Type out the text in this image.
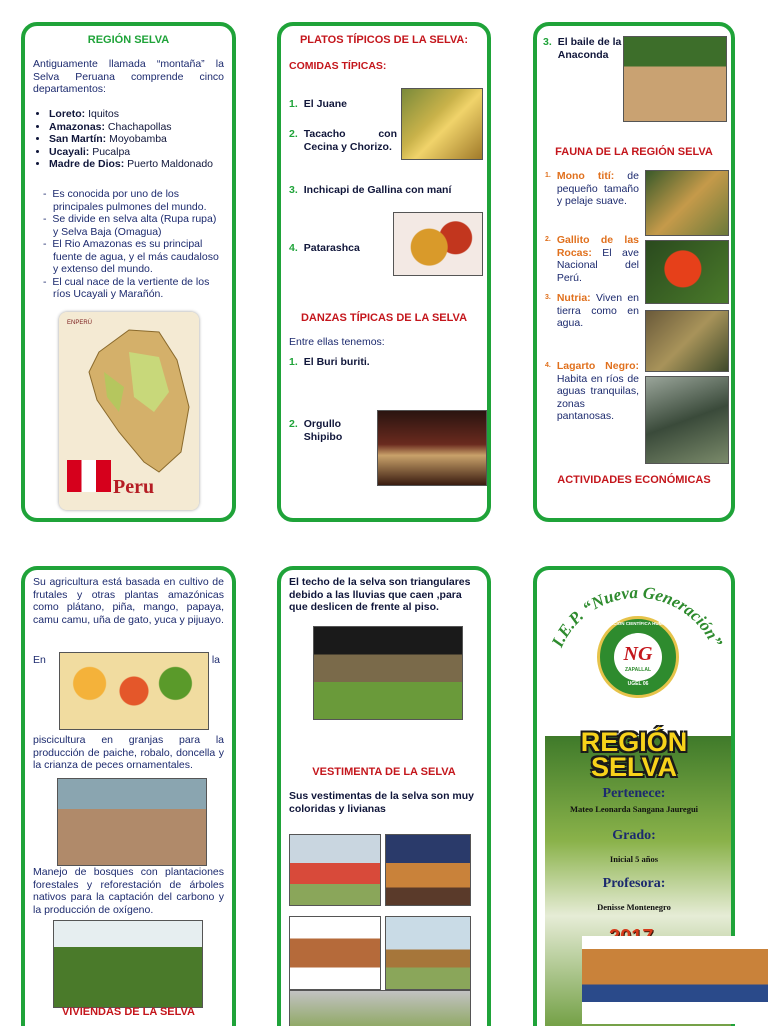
REGIÓN SELVA
Antiguamente llamada “montaña” la Selva Peruana comprende cinco departamentos:
• Loreto: Iquitos
• Amazonas: Chachapollas
• San Martín: Moyobamba
• Ucayali: Pucalpa
• Madre de Dios: Puerto Maldonado
-  Es conocida por uno de los principales pulmones del mundo.
-  Se divide en selva alta (Rupa rupa) y Selva Baja (Omagua)
-  El Rio Amazonas es su principal fuente de agua, y el más caudaloso y extenso del mundo.
-  El cual nace de la vertiente de los ríos Ucayali y Marañón.
ENPERÚ
Peru
PLATOS TÍPICOS DE LA SELVA:
COMIDAS TÍPICAS:
1. El Juane
2. Tacacho con Cecina y Chorizo.
3. Inchicapi de Gallina con maní
4. Patarashca
DANZAS TÍPICAS DE LA SELVA
Entre ellas tenemos:
1. El Buri buriti.
2. Orgullo Shipibo
3. El baile de la Anaconda
FAUNA DE LA REGIÓN SELVA
1. Mono tití: de pequeño tamaño y pelaje suave.
2. Gallito de las Rocas: El ave Nacional del Perú.
3. Nutria: Viven en tierra como en agua.
4. Lagarto Negro: Habita en ríos de aguas tranquilas, zonas pantanosas.
ACTIVIDADES ECONÓMICAS
Su agricultura está basada en cultivo de frutales y otras plantas amazónicas como plátano, piña, mango, papaya, camu camu, uña de gato, yuca y pijuayo.
En	la
piscicultura en granjas para la producción de paiche, robalo, doncella y la crianza de peces ornamentales.
Manejo de bosques con plantaciones forestales y reforestación de árboles nativos para la captación del carbono y la producción de oxígeno.
VIVIENDAS DE LA SELVA
El techo de la selva son triangulares debido a las lluvias que caen ,para que deslicen de frente al piso.
VESTIMENTA DE LA SELVA
Sus vestimentas de la selva son muy coloridas y livianas
I.E.P. “Nueva Generación”
NG
ZAPALLAL
EDUCACIÓN CIENTÍFICA HUMANISTA
UGEL 06
REGIÓN
SELVA
Pertenece:
Mateo Leonarda Sangana Jauregui
Grado:
Inicial 5 años
Profesora:
Denisse Montenegro
